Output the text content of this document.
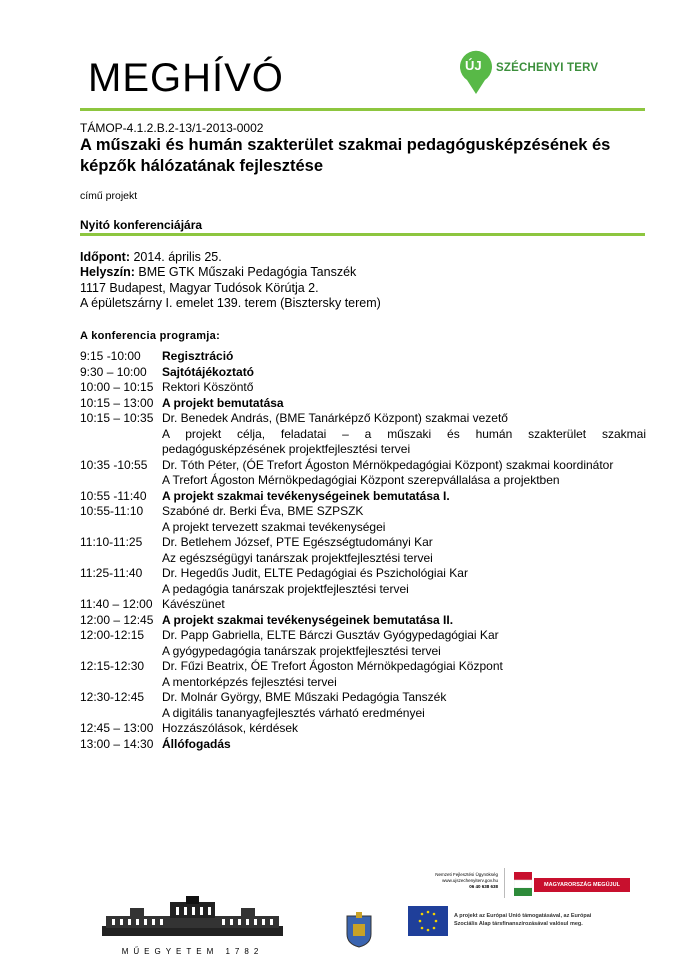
MEGHÍVÓ	ÚJ SZÉCHENYI TERV
TÁMOP-4.1.2.B.2-13/1-2013-0002
A műszaki és humán szakterület szakmai pedagógusképzésének és képzők hálózatának fejlesztése
című projekt
Nyitó konferenciájára
Időpont: 2014. április 25.
Helyszín: BME GTK Műszaki Pedagógia Tanszék
1117 Budapest, Magyar Tudósok Körútja 2.
A épületszárny I. emelet 139. terem (Bisztersky terem)
A konferencia programja:
9:15 -10:00 Regisztráció
9:30 – 10:00 Sajtótájékoztató
10:00 – 10:15 Rektori Köszöntő
10:15 – 13:00 A projekt bemutatása
10:15 – 10:35 Dr. Benedek András, (BME Tanárképző Központ) szakmai vezető
A projekt célja, feladatai – a műszaki és humán szakterület szakmai
pedagógusképzésének projektfejlesztési tervei
10:35 -10:55 Dr. Tóth Péter, (ÓE Trefort Ágoston Mérnökpedagógiai Központ) szakmai koordinátor
A Trefort Ágoston Mérnökpedagógiai Központ szerepvállalása a projektben
10:55 -11:40 A projekt szakmai tevékenységeinek bemutatása I.
10:55-11:10 Szabóné dr. Berki Éva, BME SZPSZK
A projekt tervezett szakmai tevékenységei
11:10-11:25 Dr. Betlehem József, PTE Egészségtudományi Kar
Az egészségügyi tanárszak projektfejlesztési tervei
11:25-11:40 Dr. Hegedűs Judit, ELTE Pedagógiai és Pszichológiai Kar
A pedagógia tanárszak projektfejlesztési tervei
11:40 – 12:00 Kávészünet
12:00 – 12:45 A projekt szakmai tevékenységeinek bemutatása II.
12:00-12:15 Dr. Papp Gabriella, ELTE Bárczi Gusztáv Gyógypedagógiai Kar
A gyógypedagógia tanárszak projektfejlesztési tervei
12:15-12:30 Dr. Fűzi Beatrix, ÓE Trefort Ágoston Mérnökpedagógiai Központ
A mentorképzés fejlesztési tervei
12:30-12:45 Dr. Molnár György, BME Műszaki Pedagógia Tanszék
A digitális tananyagfejlesztés várható eredményei
12:45 – 13:00 Hozzászólások, kérdések
13:00 – 14:30 Állófogadás
MŰEGYETEM 1782
Nemzeti Fejlesztési Ügynökség
www.ujszechenyiterv.gov.hu
06 40 638 638	MAGYARORSZÁG MEGÚJUL
A projekt az Európai Unió támogatásával, az Európai
Szociális Alap társfinanszírozásával valósul meg.
